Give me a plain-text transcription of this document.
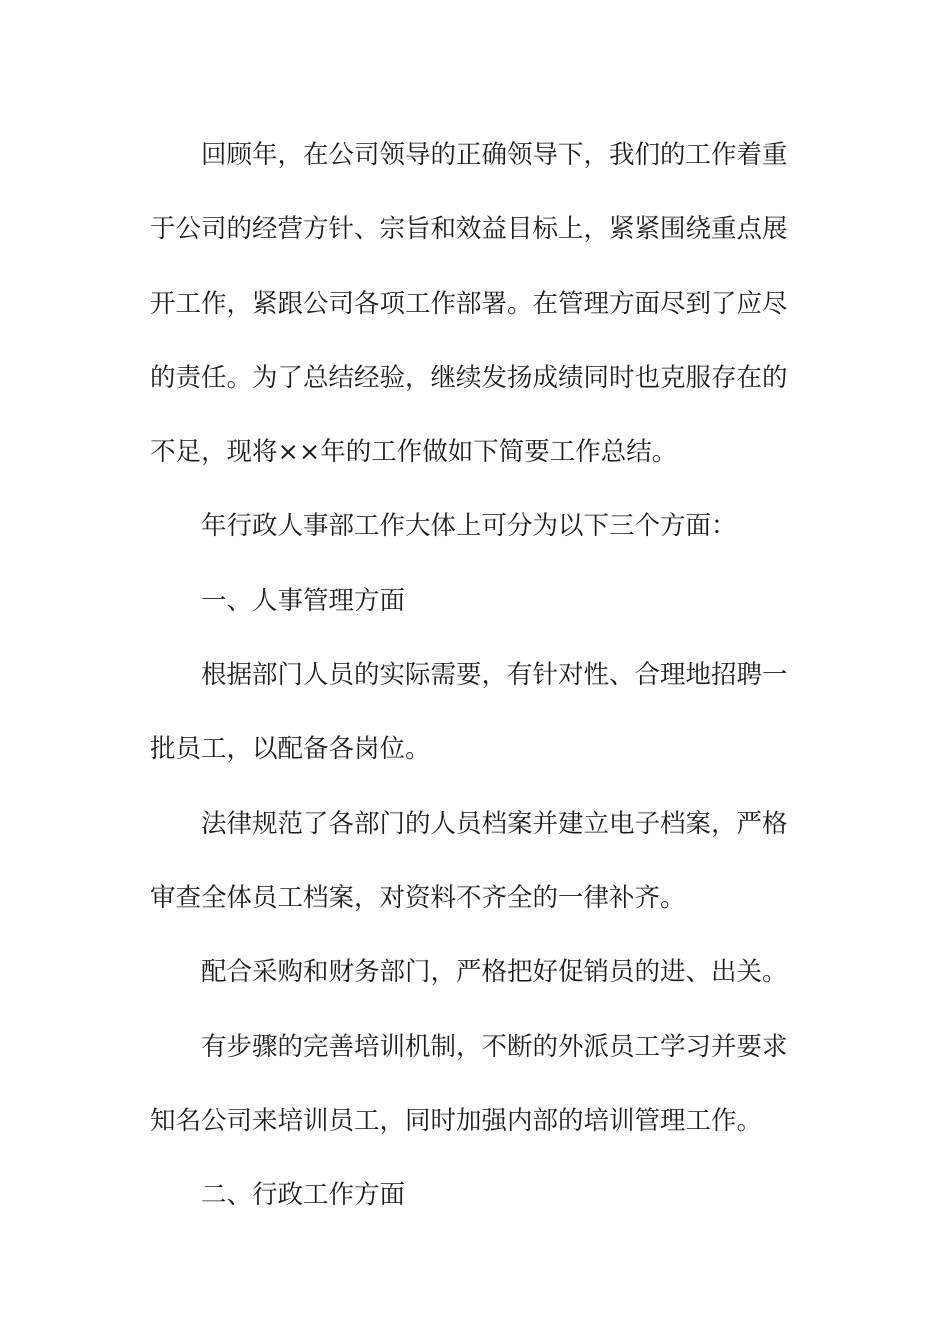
回顾年，在公司领导的正确领导下，我们的工作着重
于公司的经营方针、宗旨和效益目标上，紧紧围绕重点展
开工作，紧跟公司各项工作部署。在管理方面尽到了应尽
的责任。为了总结经验，继续发扬成绩同时也克服存在的
不足，现将××年的工作做如下简要工作总结。
年行政人事部工作大体上可分为以下三个方面：
一、人事管理方面
根据部门人员的实际需要，有针对性、合理地招聘一
批员工，以配备各岗位。
法律规范了各部门的人员档案并建立电子档案，严格
审查全体员工档案，对资料不齐全的一律补齐。
配合采购和财务部门，严格把好促销员的进、出关。
有步骤的完善培训机制，不断的外派员工学习并要求
知名公司来培训员工，同时加强内部的培训管理工作。
二、行政工作方面
